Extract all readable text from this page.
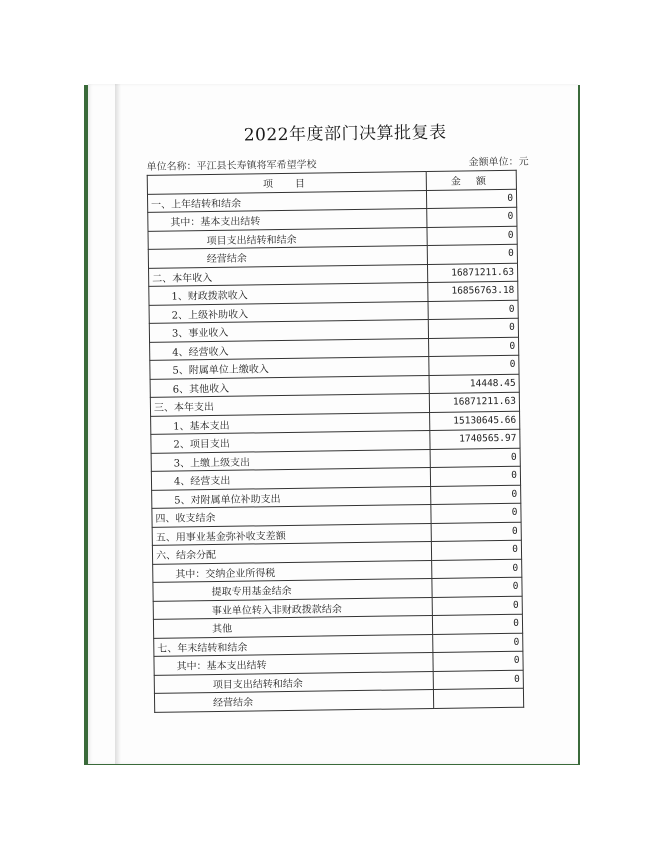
2022年度部门决算批复表
单位名称：平江县长寿镇将军希望学校	金额单位：元
项　目	金 额
一、上年结转和结余	0
其中：基本支出结转	0
项目支出结转和结余	0
经营结余	0
二、本年收入	16871211.63
1、财政拨款收入	16856763.18
2、上级补助收入	0
3、事业收入	0
4、经营收入	0
5、附属单位上缴收入	0
6、其他收入	14448.45
三、本年支出	16871211.63
1、基本支出	15130645.66
2、项目支出	1740565.97
3、上缴上级支出	0
4、经营支出	0
5、对附属单位补助支出	0
四、收支结余	0
五、用事业基金弥补收支差额	0
六、结余分配	0
其中：交纳企业所得税	0
提取专用基金结余	0
事业单位转入非财政拨款结余	0
其他	0
七、年末结转和结余	0
其中：基本支出结转	0
项目支出结转和结余	0
经营结余	
